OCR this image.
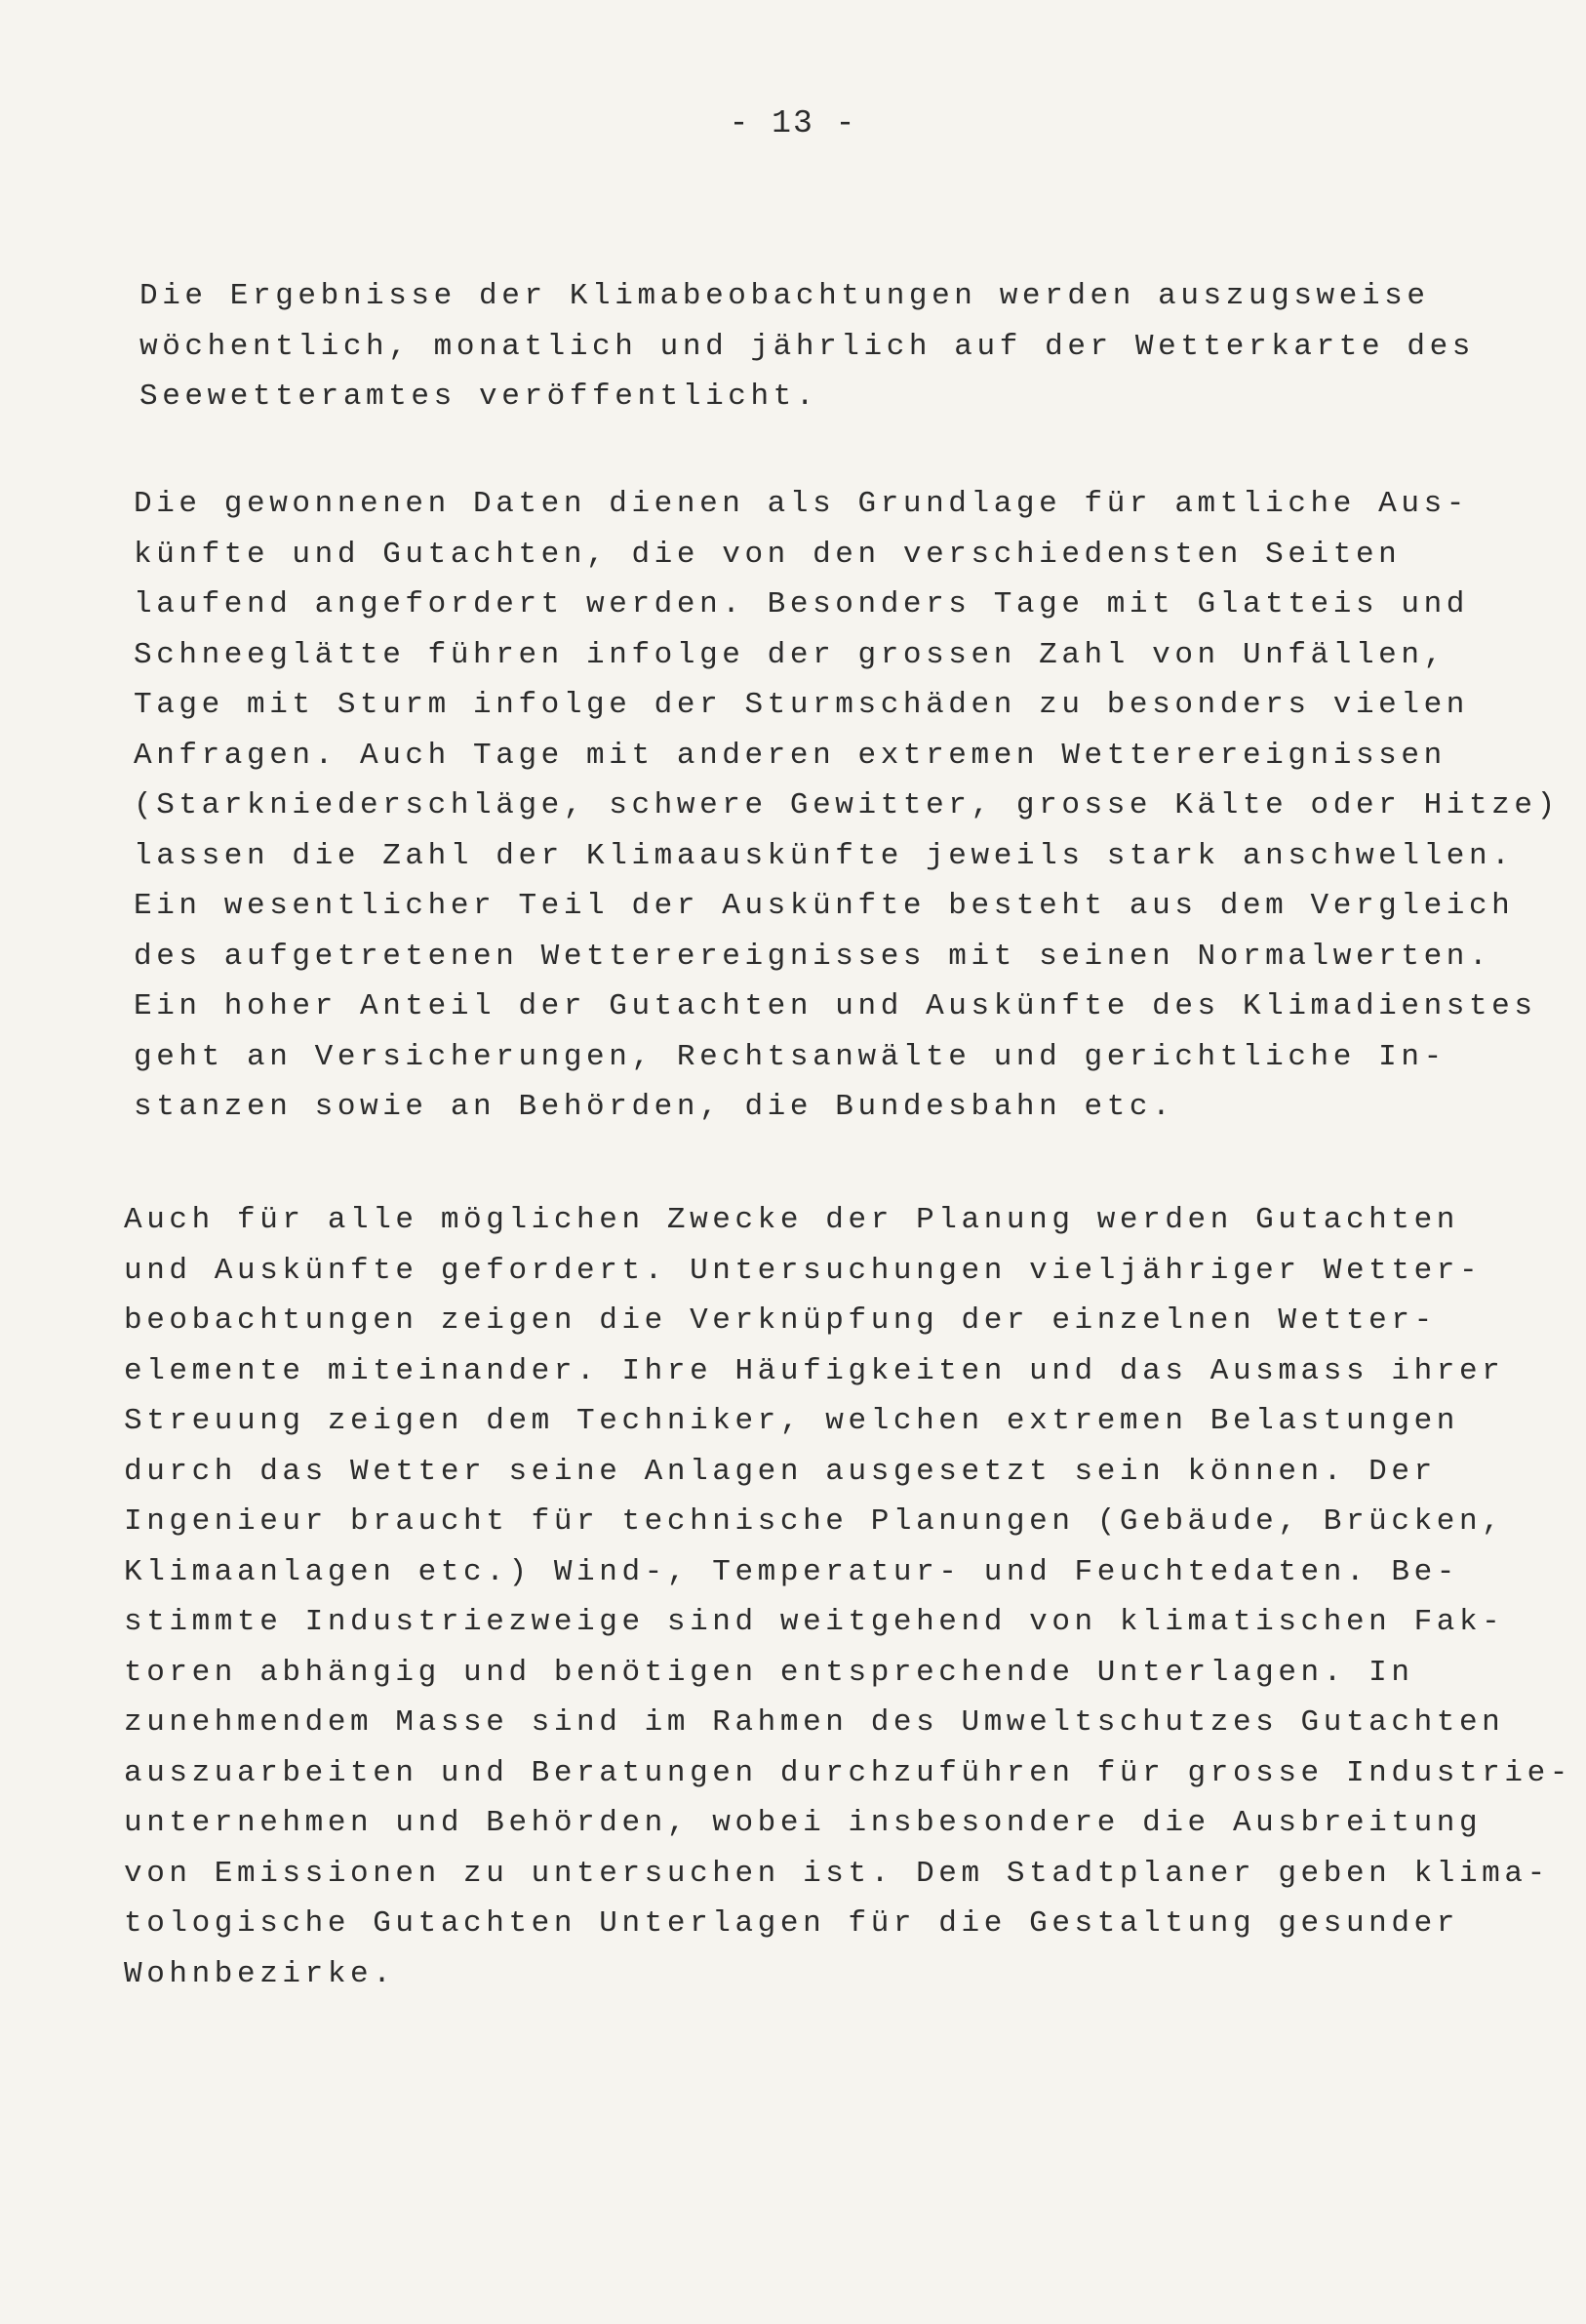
- 13 -
Die Ergebnisse der Klimabeobachtungen werden auszugsweise
wöchentlich, monatlich und jährlich auf der Wetterkarte des
Seewetteramtes veröffentlicht.
Die gewonnenen Daten dienen als Grundlage für amtliche Aus-
künfte und Gutachten, die von den verschiedensten Seiten
laufend angefordert werden. Besonders Tage mit Glatteis und
Schneeglätte führen infolge der grossen Zahl von Unfällen,
Tage mit Sturm infolge der Sturmschäden zu besonders vielen
Anfragen. Auch Tage mit anderen extremen Wetterereignissen
(Starkniederschläge, schwere Gewitter, grosse Kälte oder Hitze)
lassen die Zahl der Klimaauskünfte jeweils stark anschwellen.
Ein wesentlicher Teil der Auskünfte besteht aus dem Vergleich
des aufgetretenen Wetterereignisses mit seinen Normalwerten.
Ein hoher Anteil der Gutachten und Auskünfte des Klimadienstes
geht an Versicherungen, Rechtsanwälte und gerichtliche In-
stanzen sowie an Behörden, die Bundesbahn etc.
Auch für alle möglichen Zwecke der Planung werden Gutachten
und Auskünfte gefordert. Untersuchungen vieljähriger Wetter-
beobachtungen zeigen die Verknüpfung der einzelnen Wetter-
elemente miteinander. Ihre Häufigkeiten und das Ausmass ihrer
Streuung zeigen dem Techniker, welchen extremen Belastungen
durch das Wetter seine Anlagen ausgesetzt sein können. Der
Ingenieur braucht für technische Planungen (Gebäude, Brücken,
Klimaanlagen etc.) Wind-, Temperatur- und Feuchtedaten. Be-
stimmte Industriezweige sind weitgehend von klimatischen Fak-
toren abhängig und benötigen entsprechende Unterlagen. In
zunehmendem Masse sind im Rahmen des Umweltschutzes Gutachten
auszuarbeiten und Beratungen durchzuführen für grosse Industrie-
unternehmen und Behörden, wobei insbesondere die Ausbreitung
von Emissionen zu untersuchen ist. Dem Stadtplaner geben klima-
tologische Gutachten Unterlagen für die Gestaltung gesunder
Wohnbezirke.
